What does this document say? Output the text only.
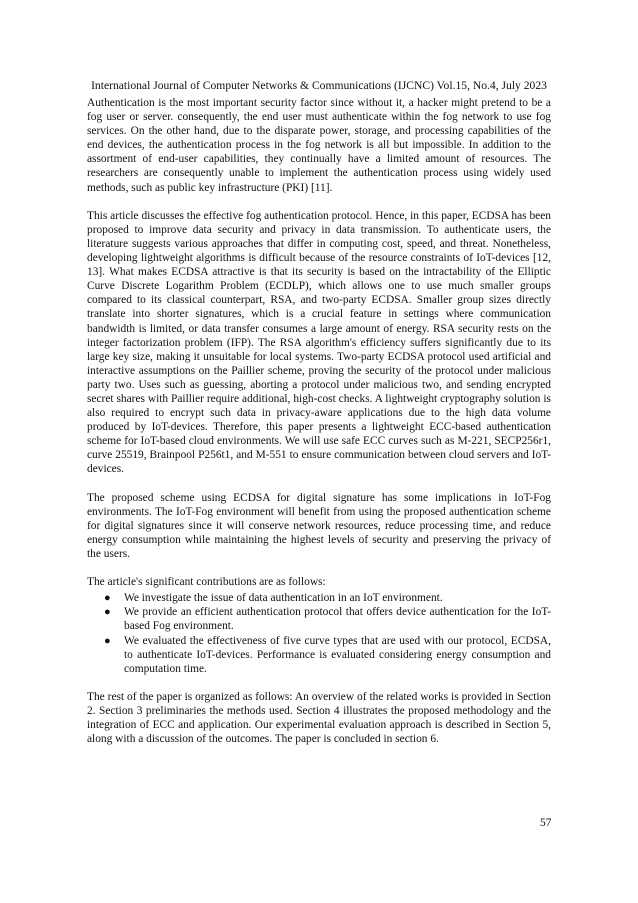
International Journal of Computer Networks & Communications (IJCNC) Vol.15, No.4, July 2023

Authentication is the most important security factor since without it, a hacker might pretend to be a fog user or server. consequently, the end user must authenticate within the fog network to use fog services. On the other hand, due to the disparate power, storage, and processing capabilities of the end devices, the authentication process in the fog network is all but impossible. In addition to the assortment of end-user capabilities, they continually have a limited amount of resources. The researchers are consequently unable to implement the authentication process using widely used methods, such as public key infrastructure (PKI) [11].

This article discusses the effective fog authentication protocol. Hence, in this paper, ECDSA has been proposed to improve data security and privacy in data transmission. To authenticate users, the literature suggests various approaches that differ in computing cost, speed, and threat. Nonetheless, developing lightweight algorithms is difficult because of the resource constraints of IoT-devices [12, 13]. What makes ECDSA attractive is that its security is based on the intractability of the Elliptic Curve Discrete Logarithm Problem (ECDLP), which allows one to use much smaller groups compared to its classical counterpart, RSA, and two-party ECDSA. Smaller group sizes directly translate into shorter signatures, which is a crucial feature in settings where communication bandwidth is limited, or data transfer consumes a large amount of energy. RSA security rests on the integer factorization problem (IFP). The RSA algorithm's efficiency suffers significantly due to its large key size, making it unsuitable for local systems. Two-party ECDSA protocol used artificial and interactive assumptions on the Paillier scheme, proving the security of the protocol under malicious party two. Uses such as guessing, aborting a protocol under malicious two, and sending encrypted secret shares with Paillier require additional, high-cost checks. A lightweight cryptography solution is also required to encrypt such data in privacy-aware applications due to the high data volume produced by IoT-devices. Therefore, this paper presents a lightweight ECC-based authentication scheme for IoT-based cloud environments. We will use safe ECC curves such as M-221, SECP256r1, curve 25519, Brainpool P256t1, and M-551 to ensure communication between cloud servers and IoT-devices.

The proposed scheme using ECDSA for digital signature has some implications in IoT-Fog environments. The IoT-Fog environment will benefit from using the proposed authentication scheme for digital signatures since it will conserve network resources, reduce processing time, and reduce energy consumption while maintaining the highest levels of security and preserving the privacy of the users.

The article's significant contributions are as follows:

● We investigate the issue of data authentication in an IoT environment.
● We provide an efficient authentication protocol that offers device authentication for the IoT-based Fog environment.
● We evaluated the effectiveness of five curve types that are used with our protocol, ECDSA, to authenticate IoT-devices. Performance is evaluated considering energy consumption and computation time.

The rest of the paper is organized as follows: An overview of the related works is provided in Section 2. Section 3 preliminaries the methods used. Section 4 illustrates the proposed methodology and the integration of ECC and application. Our experimental evaluation approach is described in Section 5, along with a discussion of the outcomes. The paper is concluded in section 6.

57
